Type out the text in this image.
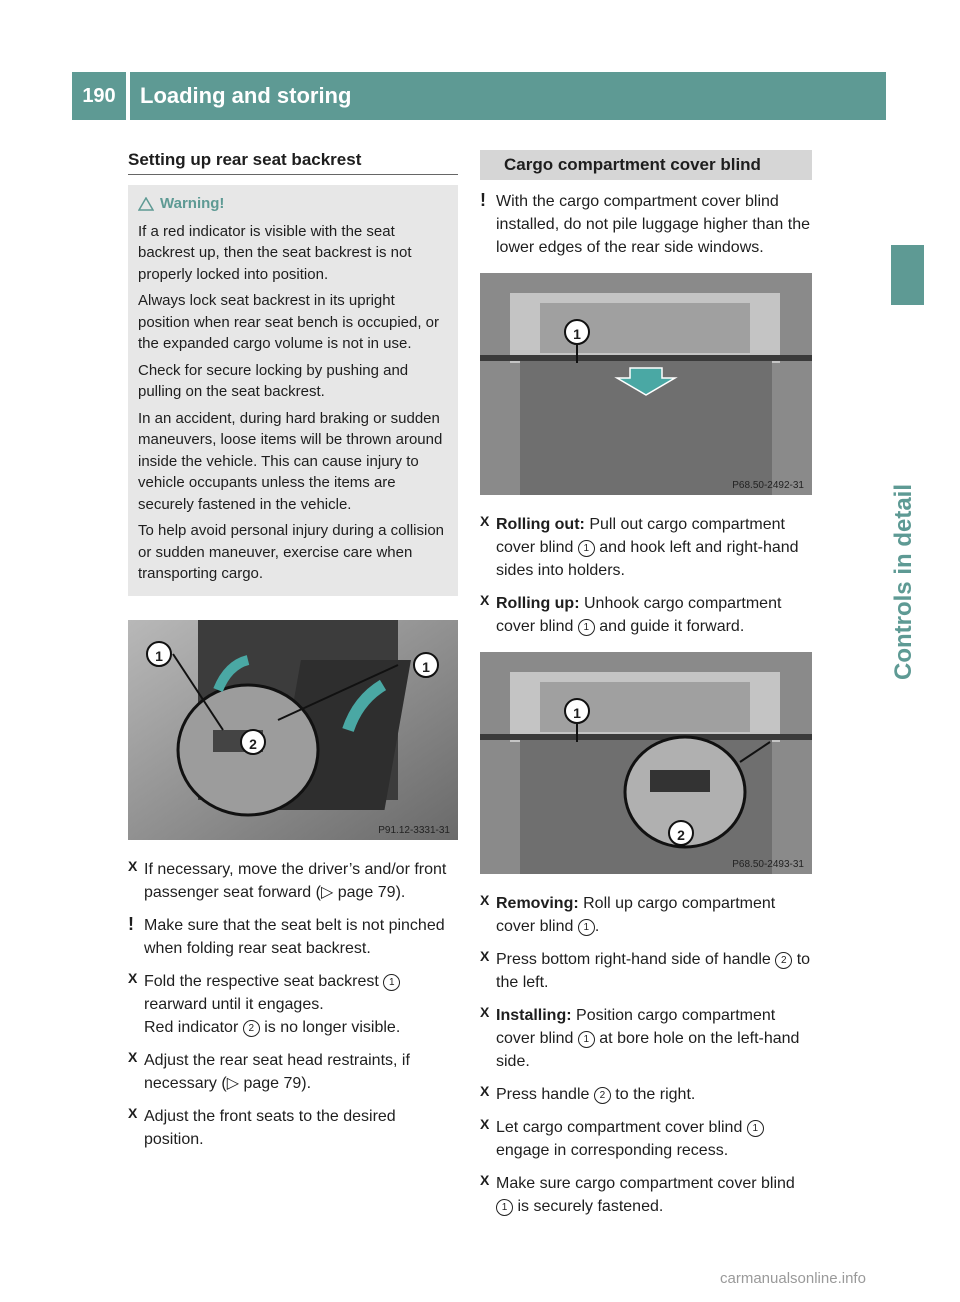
190	Loading and storing
Controls in detail
Setting up rear seat backrest

Warning!

If a red indicator is visible with the seat backrest up, then the seat backrest is not properly locked into position.

Always lock seat backrest in its upright position when rear seat bench is occupied, or the expanded cargo volume is not in use.

Check for secure locking by pushing and pulling on the seat backrest.

In an accident, during hard braking or sudden maneuvers, loose items will be thrown around inside the vehicle. This can cause injury to vehicle occupants unless the items are securely fastened in the vehicle.

To help avoid personal injury during a collision or sudden maneuver, exercise care when transporting cargo.

1
1
2
P91.12-3331-31
X If necessary, move the driver’s and/or front passenger seat forward (▷ page 79).

! Make sure that the seat belt is not pinched when folding rear seat backrest.

X Fold the respective seat backrest 1 rearward until it engages.
Red indicator 2 is no longer visible.

X Adjust the rear seat head restraints, if necessary (▷ page 79).

X Adjust the front seats to the desired position.

Cargo compartment cover blind
! With the cargo compartment cover blind installed, do not pile luggage higher than the lower edges of the rear side windows.

1
P68.50-2492-31
X Rolling out: Pull out cargo compartment cover blind 1 and hook left and right-hand sides into holders.

X Rolling up: Unhook cargo compartment cover blind 1 and guide it forward.

1
2
P68.50-2493-31
X Removing: Roll up cargo compartment cover blind 1 .

X Press bottom right-hand side of handle 2 to the left.

X Installing: Position cargo compartment cover blind 1 at bore hole on the left-hand side.

X Press handle 2 to the right.

X Let cargo compartment cover blind 1 engage in corresponding recess.

X Make sure cargo compartment cover blind 1 is securely fastened.

carmanualsonline.info
